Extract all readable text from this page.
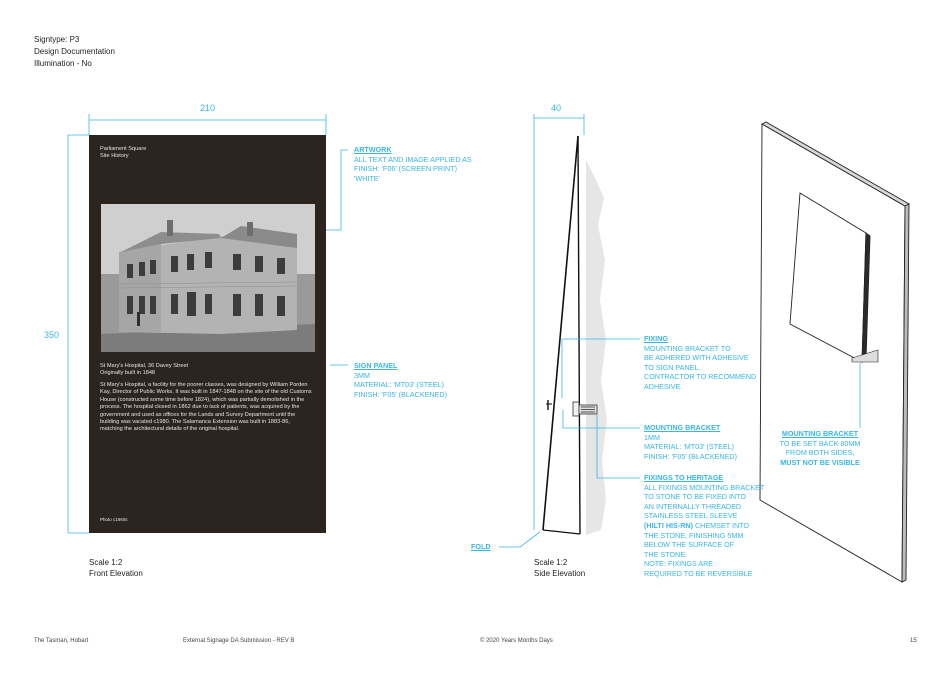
Signtype: P3
Design Documentation
Illumination - No
210
350
40
Parliament Square
Site History
St Mary's Hospital, 36 Davey Street
Originally built in 1848
St Mary's Hospital, a facility for the poorer classes, was designed by William Porden Kay, Director of Public Works. It was built in 1847-1848 on the site of the old Customs House (constructed some time before 1824), which was partially demolished in the process. The hospital closed in 1862 due to lack of patients, was acquired by the government and used as offices for the Lands and Survey Department until the building was vacated c1980. The Salamanca Extension was built in 1883-86, matching the architectural details of the original hospital.
Photo c1860s
ARTWORK
ALL TEXT AND IMAGE APPLIED AS
FINISH: 'F06' (SCREEN PRINT)
'WHITE'
SIGN PANEL
3MM
MATERIAL: 'MT03' (STEEL)
FINISH: 'F05' (BLACKENED)
FIXING
MOUNTING BRACKET TO
BE ADHERED WITH ADHESIVE
TO SIGN PANEL.
CONTRACTOR TO RECOMMEND
ADHESIVE.
MOUNTING BRACKET
1MM
MATERIAL: 'MT03' (STEEL)
FINISH: 'F05' (BLACKENED)
FIXINGS TO HERITAGE
ALL FIXINGS MOUNTING BRACKET
TO STONE TO BE FIXED INTO
AN INTERNALLY THREADED
STAINLESS STEEL SLEEVE
(HILTI HIS-RN) CHEMSET INTO
THE STONE, FINISHING 5MM
BELOW THE SURFACE OF
THE STONE.
NOTE: FIXINGS ARE
REQUIRED TO BE REVERSIBLE
FOLD
MOUNTING BRACKET
TO BE SET BACK 80MM
FROM BOTH SIDES,
MUST NOT BE VISIBLE
Scale 1:2
Front Elevation
Scale 1:2
Side Elevation
The Tasman, Hobart	External Signage DA Submission - REV B	© 2020 Years Months Days	15
